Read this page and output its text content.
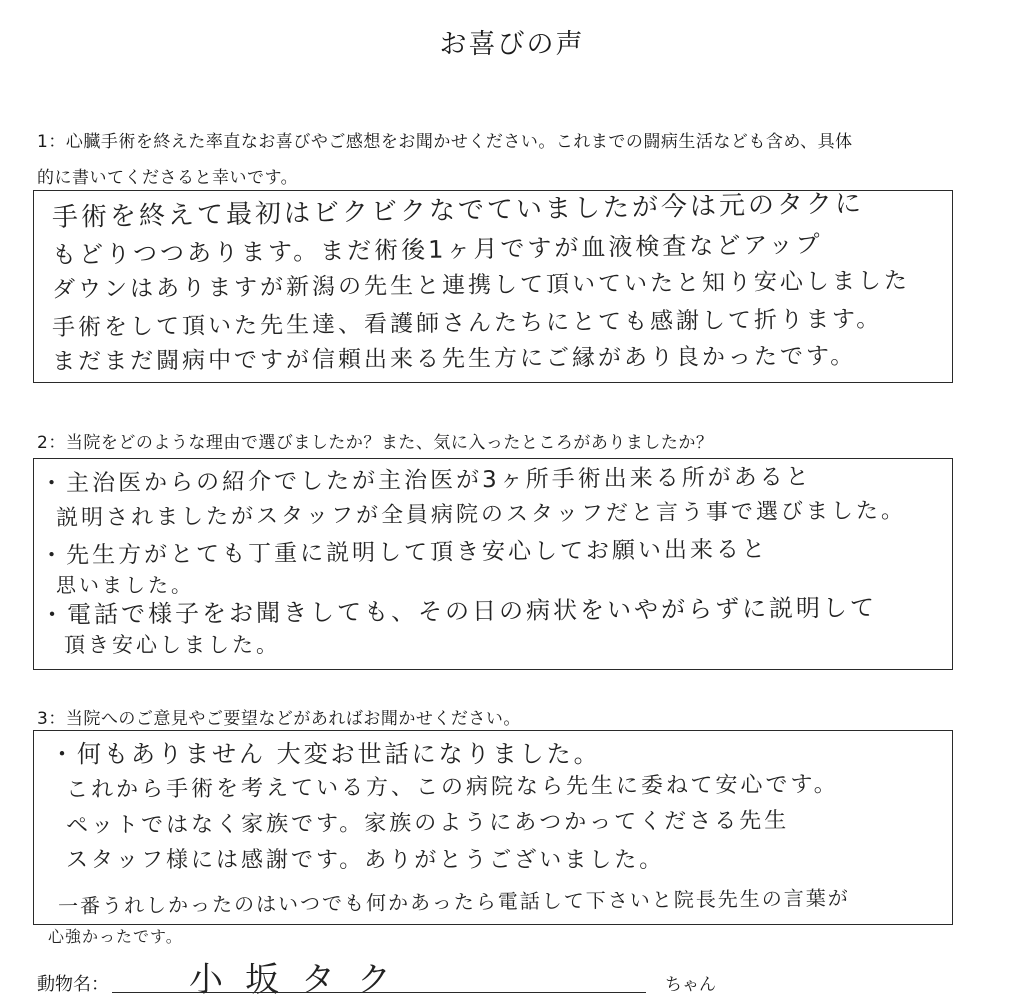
お喜びの声
1：心臓手術を終えた率直なお喜びやご感想をお聞かせください。これまでの闘病生活なども含め、具体
的に書いてくださると幸いです。
手術を終えて最初はビクビクなでていましたが今は元のタクに
もどりつつあります。まだ術後1ヶ月ですが血液検査などアップ
ダウンはありますが新潟の先生と連携して頂いていたと知り安心しました
手術をして頂いた先生達、看護師さんたちにとても感謝して折ります。
まだまだ闘病中ですが信頼出来る先生方にご縁があり良かったです。
2：当院をどのような理由で選びましたか？また、気に入ったところがありましたか？
・主治医からの紹介でしたが主治医が3ヶ所手術出来る所があると
説明されましたがスタッフが全員病院のスタッフだと言う事で選びました。
・先生方がとても丁重に説明して頂き安心してお願い出来ると
思いました。
・電話で様子をお聞きしても、その日の病状をいやがらずに説明して
頂き安心しました。
3：当院へのご意見やご要望などがあればお聞かせください。
・何もありません 大変お世話になりました。
これから手術を考えている方、この病院なら先生に委ねて安心です。
ペットではなく家族です。家族のようにあつかってくださる先生
スタッフ様には感謝です。ありがとうございました。
一番うれしかったのはいつでも何かあったら電話して下さいと院長先生の言葉が
心強かったです。
動物名： 小坂タク	ちゃん
